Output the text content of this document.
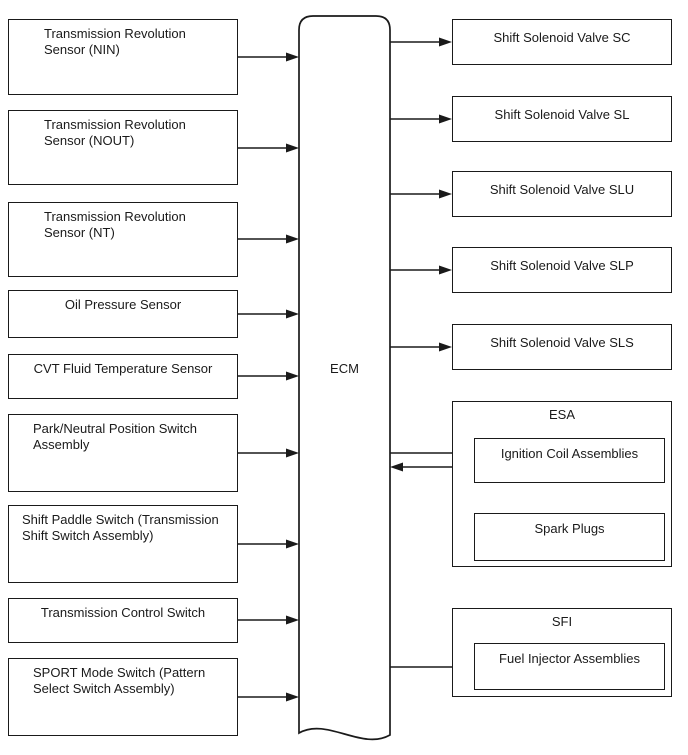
ECM
Transmission Revolution Sensor (NIN)
Transmission Revolution Sensor (NOUT)
Transmission Revolution Sensor (NT)
Oil Pressure Sensor
CVT Fluid Temperature Sensor
Park/Neutral Position Switch Assembly
Shift Paddle Switch (Transmission Shift Switch Assembly)
Transmission Control Switch
SPORT Mode Switch (Pattern Select Switch Assembly)
Shift Solenoid Valve SC
Shift Solenoid Valve SL
Shift Solenoid Valve SLU
Shift Solenoid Valve SLP
Shift Solenoid Valve SLS
ESA
Ignition Coil Assemblies
Spark Plugs
SFI
Fuel Injector Assemblies
